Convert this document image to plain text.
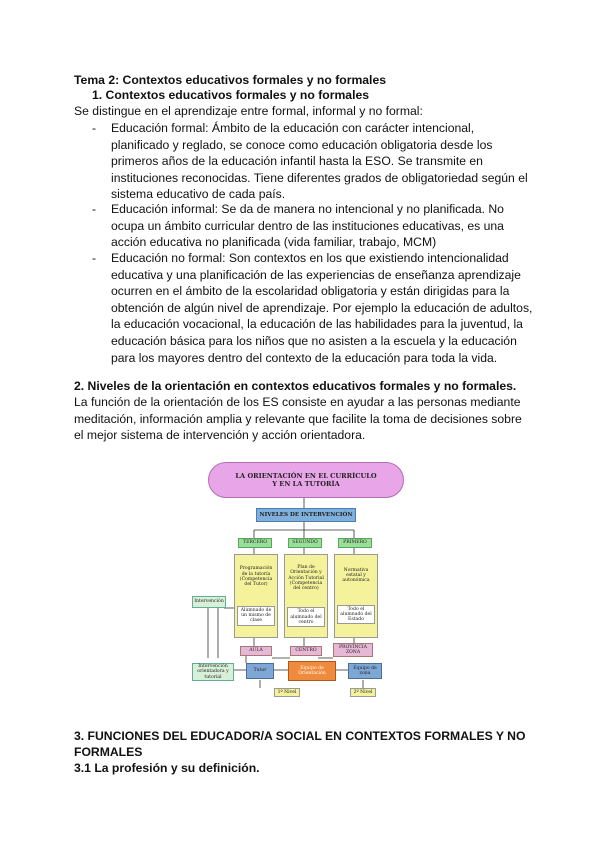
Tema 2: Contextos educativos formales y no formales
1. Contextos educativos formales y no formales
Se distingue en el aprendizaje entre formal, informal y no formal:
- Educación formal: Ámbito de la educación con carácter intencional,
planificado y reglado, se conoce como educación obligatoria desde los
primeros años de la educación infantil hasta la ESO. Se transmite en
instituciones reconocidas. Tiene diferentes grados de obligatoriedad según el
sistema educativo de cada país.
- Educación informal: Se da de manera no intencional y no planificada. No
ocupa un ámbito curricular dentro de las instituciones educativas, es una
acción educativa no planificada (vida familiar, trabajo, MCM)
- Educación no formal: Son contextos en los que existiendo intencionalidad
educativa y una planificación de las experiencias de enseñanza aprendizaje
ocurren en el ámbito de la escolaridad obligatoria y están dirigidas para la
obtención de algún nivel de aprendizaje. Por ejemplo la educación de adultos,
la educación vocacional, la educación de las habilidades para la juventud, la
educación básica para los niños que no asisten a la escuela y la educación
para los mayores dentro del contexto de la educación para toda la vida.
2. Niveles de la orientación en contextos educativos formales y no formales.
La función de la orientación de los ES consiste en ayudar a las personas mediante
meditación, información amplia y relevante que facilite la toma de decisiones sobre
el mejor sistema de intervención y acción orientadora.
LA ORIENTACIÓN EN EL CURRÍCULO
Y EN LA TUTORÍA
NIVELES DE INTERVENCIÓN
TERCERO	SEGUNDO	PRIMERO
Programación de la tutoría (Competencia del Tutor)
Alumnado de un mismo de clase
Plan de Orientación y Acción Tutorial (Competencia del centro)
Todo el alumnado del centro
Normativa estatal y autonómica
Todo el alumnado del Estado
Intervención
AULA	CENTRO
PROVINCIA ZONA
Intervención orientadora y tutorial
Tutor
Equipo de Orientación
Equipo de zona
1º Nivel	2º Nivel
3. FUNCIONES DEL EDUCADOR/A SOCIAL EN CONTEXTOS FORMALES Y NO
FORMALES
3.1 La profesión y su definición.
